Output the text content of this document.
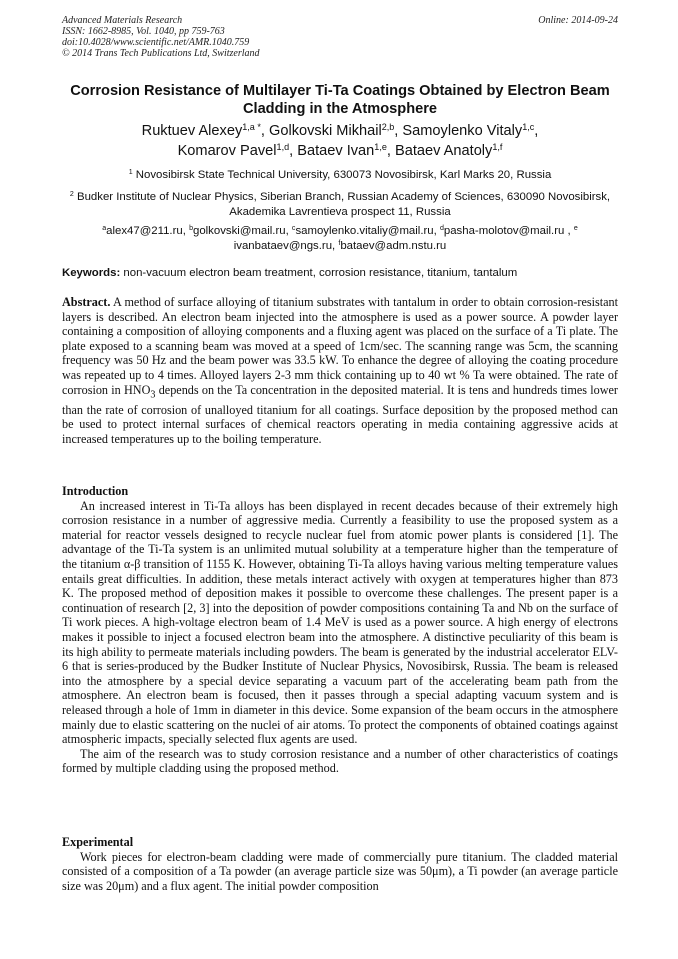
Advanced Materials Research
ISSN: 1662-8985, Vol. 1040, pp 759-763
doi:10.4028/www.scientific.net/AMR.1040.759
© 2014 Trans Tech Publications Ltd, Switzerland
Online: 2014-09-24
Corrosion Resistance of Multilayer Ti-Ta Coatings Obtained by Electron Beam Cladding in the Atmosphere
Ruktuev Alexey$^{1,a *}$, Golkovski Mikhail$^{2,b}$, Samoylenko Vitaly$^{1,c}$,
Komarov Pavel$^{1,d}$, Bataev Ivan$^{1,e}$, Bataev Anatoly$^{1,f}$
$^1$ Novosibirsk State Technical University, 630073 Novosibirsk, Karl Marks 20, Russia
$^2$ Budker Institute of Nuclear Physics, Siberian Branch, Russian Academy of Sciences, 630090 Novosibirsk, Akademika Lavrentieva prospect 11, Russia
$^a$alex47@211.ru, $^b$golkovski@mail.ru, $^c$samoylenko.vitaliy@mail.ru, $^d$pasha-molotov@mail.ru , $^e$
ivanbataev@ngs.ru, $^f$bataev@adm.nstu.ru
Keywords: non-vacuum electron beam treatment, corrosion resistance, titanium, tantalum

Abstract. A method of surface alloying of titanium substrates with tantalum in order to obtain corrosion-resistant layers is described. An electron beam injected into the atmosphere is used as a power source. A powder layer containing a composition of alloying components and a fluxing agent was placed on the surface of a Ti plate. The plate exposed to a scanning beam was moved at a speed of 1cm/sec. The scanning range was 5cm, the scanning frequency was 50 Hz and the beam power was 33.5 kW. To enhance the degree of alloying the coating procedure was repeated up to 4 times. Alloyed layers 2-3 mm thick containing up to 40 wt % Ta were obtained. The rate of corrosion in $HNO_3$ depends on the Ta concentration in the deposited material. It is tens and hundreds times lower than the rate of corrosion of unalloyed titanium for all coatings. Surface deposition by the proposed method can be used to protect internal surfaces of chemical reactors operating in media containing aggressive acids at increased temperatures up to the boiling temperature.

Introduction

An increased interest in Ti-Ta alloys has been displayed in recent decades because of their extremely high corrosion resistance in a number of aggressive media. Currently a feasibility to use the proposed system as a material for reactor vessels designed to recycle nuclear fuel from atomic power plants is considered [1]. The advantage of the Ti-Ta system is an unlimited mutual solubility at a temperature higher than the temperature of the titanium α-β transition of 1155 K. However, obtaining Ti-Ta alloys having various melting temperature values entails great difficulties. In addition, these metals interact actively with oxygen at temperatures higher than 873 K. The proposed method of deposition makes it possible to overcome these challenges. The present paper is a continuation of research [2, 3] into the deposition of powder compositions containing Ta and Nb on the surface of Ti work pieces. A high-voltage electron beam of 1.4 MeV is used as a power source. A high energy of electrons makes it possible to inject a focused electron beam into the atmosphere. A distinctive peculiarity of this beam is its high ability to permeate materials including powders. The beam is generated by the industrial accelerator ELV-6 that is series-produced by the Budker Institute of Nuclear Physics, Novosibirsk, Russia. The beam is released into the atmosphere by a special device separating a vacuum part of the accelerating beam path from the atmosphere. An electron beam is focused, then it passes through a special adapting vacuum system and is released through a hole of 1mm in diameter in this device. Some expansion of the beam occurs in the atmosphere mainly due to elastic scattering on the nuclei of air atoms. To protect the components of obtained coatings against atmospheric impacts, specially selected flux agents are used.

The aim of the research was to study corrosion resistance and a number of other characteristics of coatings formed by multiple cladding using the proposed method.

Experimental

Work pieces for electron-beam cladding were made of commercially pure titanium. The cladded material consisted of a composition of a Ta powder (an average particle size was 50μm), a Ti powder (an average particle size was 20μm) and a flux agent. The initial powder composition
